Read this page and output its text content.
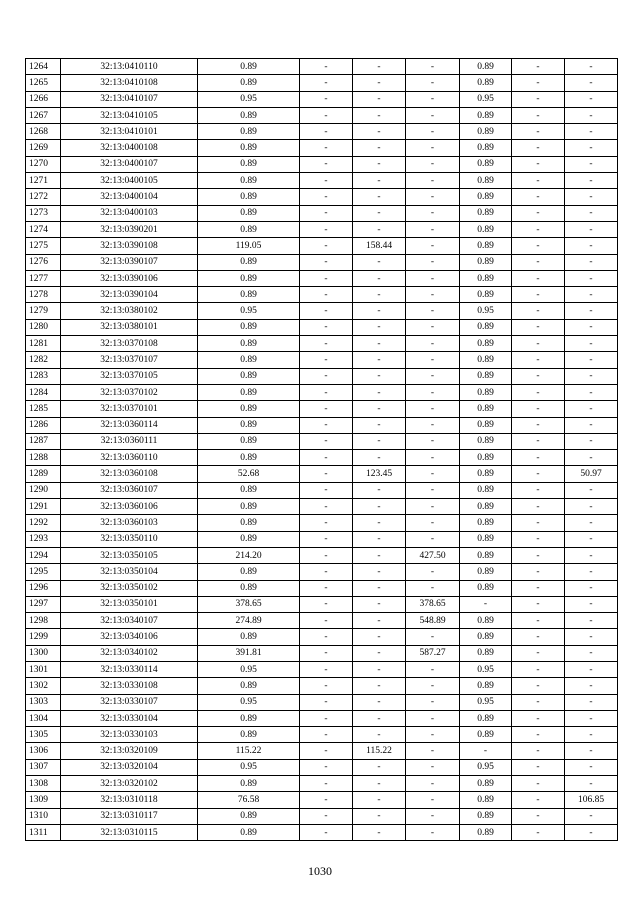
1264	32:13:0410110	0.89	-	-	-	0.89	-	-
1265	32:13:0410108	0.89	-	-	-	0.89	-	-
1266	32:13:0410107	0.95	-	-	-	0.95	-	-
1267	32:13:0410105	0.89	-	-	-	0.89	-	-
1268	32:13:0410101	0.89	-	-	-	0.89	-	-
1269	32:13:0400108	0.89	-	-	-	0.89	-	-
1270	32:13:0400107	0.89	-	-	-	0.89	-	-
1271	32:13:0400105	0.89	-	-	-	0.89	-	-
1272	32:13:0400104	0.89	-	-	-	0.89	-	-
1273	32:13:0400103	0.89	-	-	-	0.89	-	-
1274	32:13:0390201	0.89	-	-	-	0.89	-	-
1275	32:13:0390108	119.05	-	158.44	-	0.89	-	-
1276	32:13:0390107	0.89	-	-	-	0.89	-	-
1277	32:13:0390106	0.89	-	-	-	0.89	-	-
1278	32:13:0390104	0.89	-	-	-	0.89	-	-
1279	32:13:0380102	0.95	-	-	-	0.95	-	-
1280	32:13:0380101	0.89	-	-	-	0.89	-	-
1281	32:13:0370108	0.89	-	-	-	0.89	-	-
1282	32:13:0370107	0.89	-	-	-	0.89	-	-
1283	32:13:0370105	0.89	-	-	-	0.89	-	-
1284	32:13:0370102	0.89	-	-	-	0.89	-	-
1285	32:13:0370101	0.89	-	-	-	0.89	-	-
1286	32:13:0360114	0.89	-	-	-	0.89	-	-
1287	32:13:0360111	0.89	-	-	-	0.89	-	-
1288	32:13:0360110	0.89	-	-	-	0.89	-	-
1289	32:13:0360108	52.68	-	123.45	-	0.89	-	50.97
1290	32:13:0360107	0.89	-	-	-	0.89	-	-
1291	32:13:0360106	0.89	-	-	-	0.89	-	-
1292	32:13:0360103	0.89	-	-	-	0.89	-	-
1293	32:13:0350110	0.89	-	-	-	0.89	-	-
1294	32:13:0350105	214.20	-	-	427.50	0.89	-	-
1295	32:13:0350104	0.89	-	-	-	0.89	-	-
1296	32:13:0350102	0.89	-	-	-	0.89	-	-
1297	32:13:0350101	378.65	-	-	378.65	-	-	-
1298	32:13:0340107	274.89	-	-	548.89	0.89	-	-
1299	32:13:0340106	0.89	-	-	-	0.89	-	-
1300	32:13:0340102	391.81	-	-	587.27	0.89	-	-
1301	32:13:0330114	0.95	-	-	-	0.95	-	-
1302	32:13:0330108	0.89	-	-	-	0.89	-	-
1303	32:13:0330107	0.95	-	-	-	0.95	-	-
1304	32:13:0330104	0.89	-	-	-	0.89	-	-
1305	32:13:0330103	0.89	-	-	-	0.89	-	-
1306	32:13:0320109	115.22	-	115.22	-	-	-	-
1307	32:13:0320104	0.95	-	-	-	0.95	-	-
1308	32:13:0320102	0.89	-	-	-	0.89	-	-
1309	32:13:0310118	76.58	-	-	-	0.89	-	106.85
1310	32:13:0310117	0.89	-	-	-	0.89	-	-
1311	32:13:0310115	0.89	-	-	-	0.89	-	-
1030
